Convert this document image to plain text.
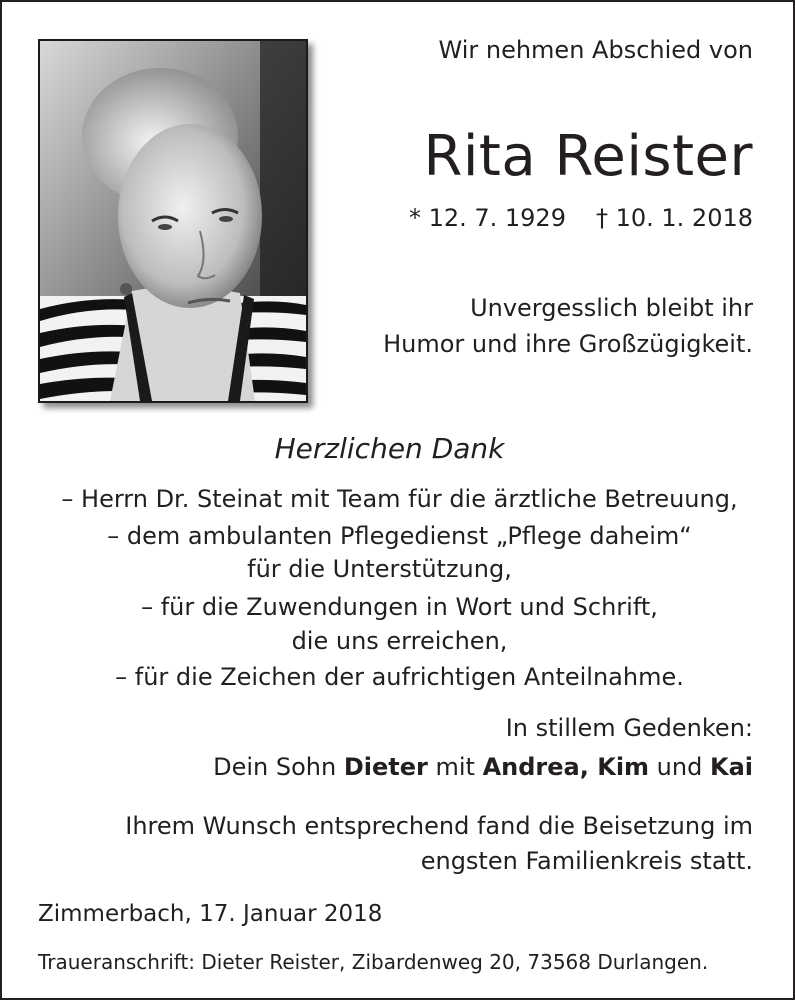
Wir nehmen Abschied von
Rita Reister
* 12. 7. 1929 † 10. 1. 2018
Unvergesslich bleibt ihr
Humor und ihre Großzügigkeit.
Herzlichen Dank
– Herrn Dr. Steinat mit Team für die ärztliche Betreuung,
– dem ambulanten Pflegedienst „Pflege daheim“
für die Unterstützung,
– für die Zuwendungen in Wort und Schrift,
die uns erreichen,
– für die Zeichen der aufrichtigen Anteilnahme.
In stillem Gedenken:
Dein Sohn Dieter mit Andrea, Kim und Kai
Ihrem Wunsch entsprechend fand die Beisetzung im
engsten Familienkreis statt.
Zimmerbach, 17. Januar 2018
Traueranschrift: Dieter Reister, Zibardenweg 20, 73568 Durlangen.
